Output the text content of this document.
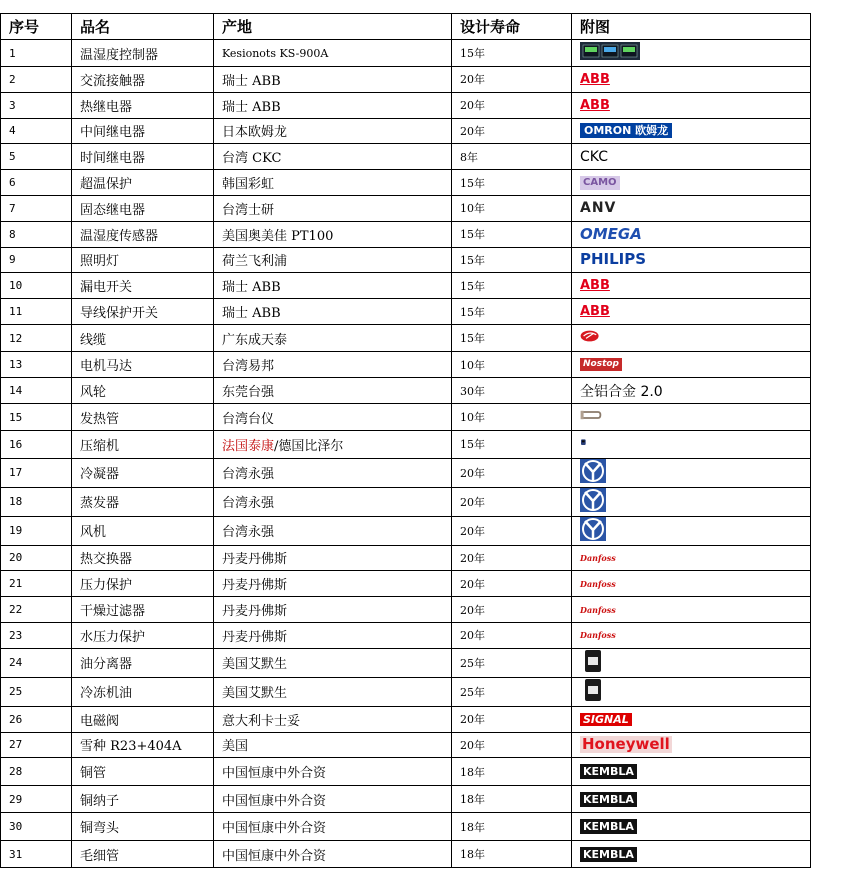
序号	品名	产地	设计寿命	附图
1	温湿度控制器	Kesionots KS-900A	15年	
2	交流接触器	瑞士 ABB	20年	ABB
3	热继电器	瑞士 ABB	20年	ABB
4	中间继电器	日本欧姆龙	20年	OMRON 欧姆龙
5	时间继电器	台湾 CKC	8年	CKC
6	超温保护	韩国彩虹	15年	CAMO
7	固态继电器	台湾士研	10年	ANV
8	温湿度传感器	美国奥美佳 PT100	15年	OMEGA
9	照明灯	荷兰飞利浦	15年	PHILIPS
10	漏电开关	瑞士 ABB	15年	ABB
11	导线保护开关	瑞士 ABB	15年	ABB
12	线缆	广东成天泰	15年	
13	电机马达	台湾易邦	10年	Nostop
14	风轮	东莞台强	30年	全铝合金 2.0
15	发热管	台湾台仪	10年	
16	压缩机	法国泰康/德国比泽尔	15年	
17	冷凝器	台湾永强	20年	
18	蒸发器	台湾永强	20年	
19	风机	台湾永强	20年	
20	热交换器	丹麦丹佛斯	20年	Danfoss
21	压力保护	丹麦丹佛斯	20年	Danfoss
22	干燥过滤器	丹麦丹佛斯	20年	Danfoss
23	水压力保护	丹麦丹佛斯	20年	Danfoss
24	油分离器	美国艾默生	25年	
25	冷冻机油	美国艾默生	25年	
26	电磁阀	意大利卡士妥	20年	SIGNAL
27	雪种 R23+404A	美国	20年	Honeywell
28	铜管	中国恒康中外合资	18年	KEMBLA
29	铜纳子	中国恒康中外合资	18年	KEMBLA
30	铜弯头	中国恒康中外合资	18年	KEMBLA
31	毛细管	中国恒康中外合资	18年	KEMBLA
